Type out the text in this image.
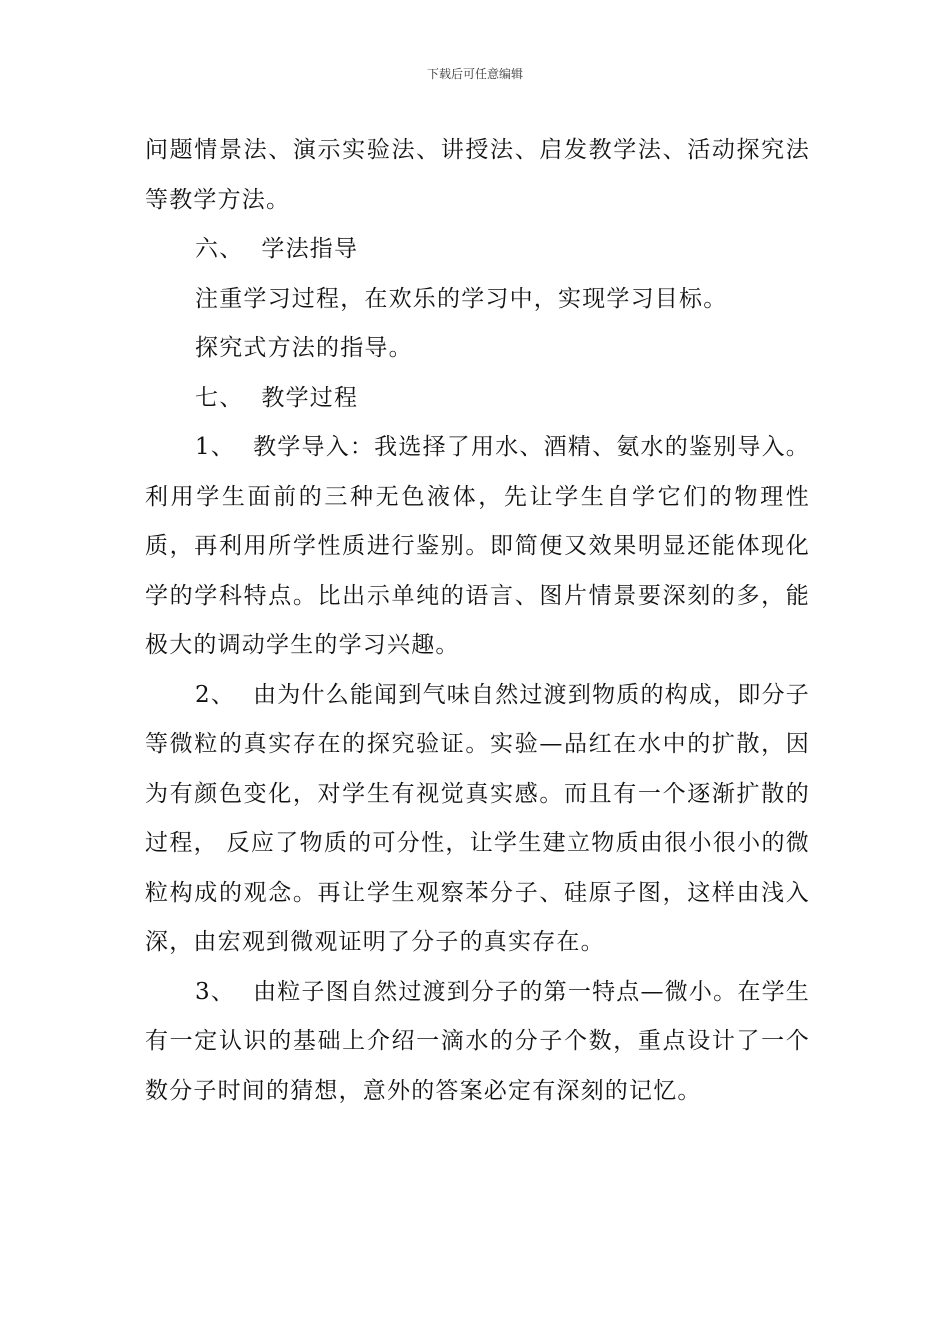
下载后可任意编辑

问题情景法、演示实验法、讲授法、启发教学法、活动探究法等教学方法。

六、 学法指导

注重学习过程，在欢乐的学习中，实现学习目标。

探究式方法的指导。

七、 教学过程

1、 教学导入：我选择了用水、酒精、氨水的鉴别导入。利用学生面前的三种无色液体，先让学生自学它们的物理性质，再利用所学性质进行鉴别。即简便又效果明显还能体现化学的学科特点。比出示单纯的语言、图片情景要深刻的多，能极大的调动学生的学习兴趣。

2、 由为什么能闻到气味自然过渡到物质的构成，即分子等微粒的真实存在的探究验证。实验—品红在水中的扩散，因为有颜色变化，对学生有视觉真实感。而且有一个逐渐扩散的过程， 反应了物质的可分性，让学生建立物质由很小很小的微粒构成的观念。再让学生观察苯分子、硅原子图，这样由浅入深，由宏观到微观证明了分子的真实存在。

3、 由粒子图自然过渡到分子的第一特点—微小。在学生有一定认识的基础上介绍一滴水的分子个数，重点设计了一个数分子时间的猜想，意外的答案必定有深刻的记忆。
